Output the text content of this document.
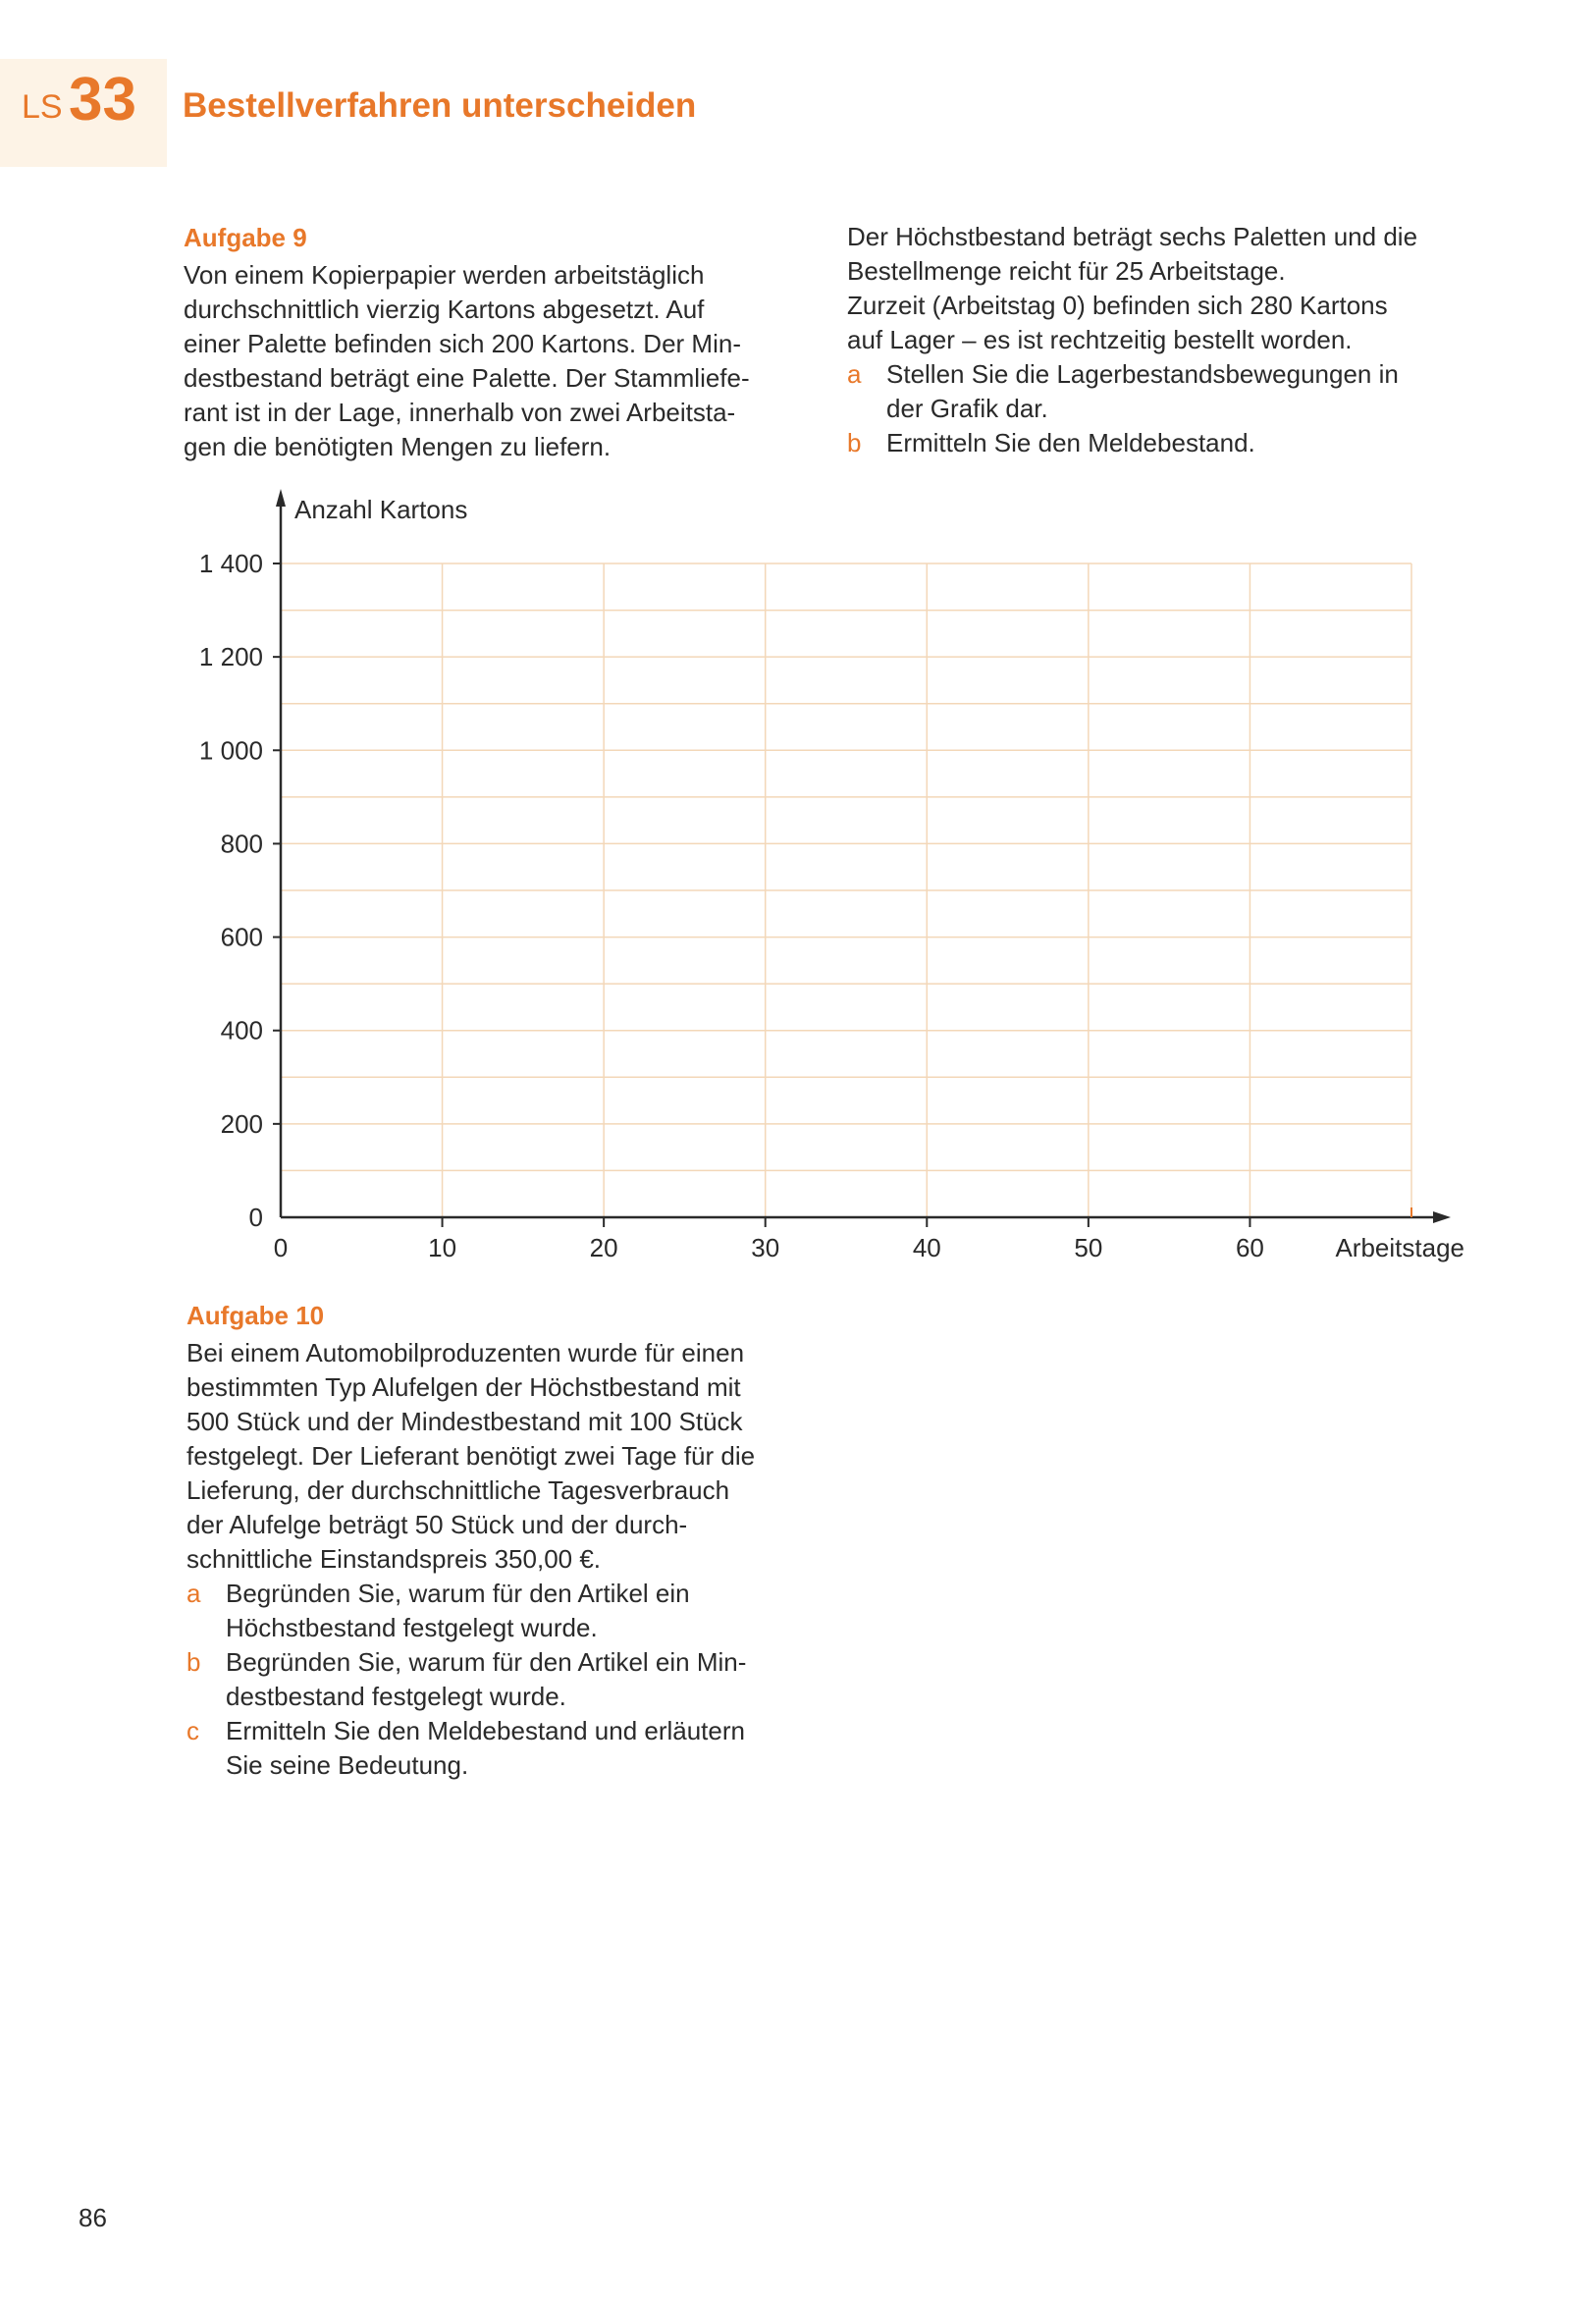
LS 33 Bestellverfahren unterscheiden
Aufgabe 9

Von einem Kopierpapier werden arbeitstäglich

durchschnittlich vierzig Kartons abgesetzt. Auf

einer Palette befinden sich 200 Kartons. Der Min-

destbestand beträgt eine Palette. Der Stammliefe-

rant ist in der Lage, innerhalb von zwei Arbeitsta-

gen die benötigten Mengen zu liefern.

Der Höchstbestand beträgt sechs Paletten und die

Bestellmenge reicht für 25 Arbeitstage.

Zurzeit (Arbeitstag 0) befinden sich 280 Kartons

auf Lager – es ist rechtzeitig bestellt worden.

a Stellen Sie die Lagerbestandsbewegungen in
der Grafik dar.
b Ermitteln Sie den Meldebestand.
0
200
400
600
800
1 000
1 200
1 400
0	10	20	30	40	50	60
Anzahl Kartons
Arbeitstage
Aufgabe 10

Bei einem Automobilproduzenten wurde für einen

bestimmten Typ Alufelgen der Höchstbestand mit

500 Stück und der Mindestbestand mit 100 Stück

festgelegt. Der Lieferant benötigt zwei Tage für die

Lieferung, der durchschnittliche Tagesverbrauch

der Alufelge beträgt 50 Stück und der durch-

schnittliche Einstandspreis 350,00 €.

a Begründen Sie, warum für den Artikel ein
Höchstbestand festgelegt wurde.
b Begründen Sie, warum für den Artikel ein Min-
destbestand festgelegt wurde.
c	Ermitteln Sie den Meldebestand und erläutern
Sie seine Bedeutung.
86
